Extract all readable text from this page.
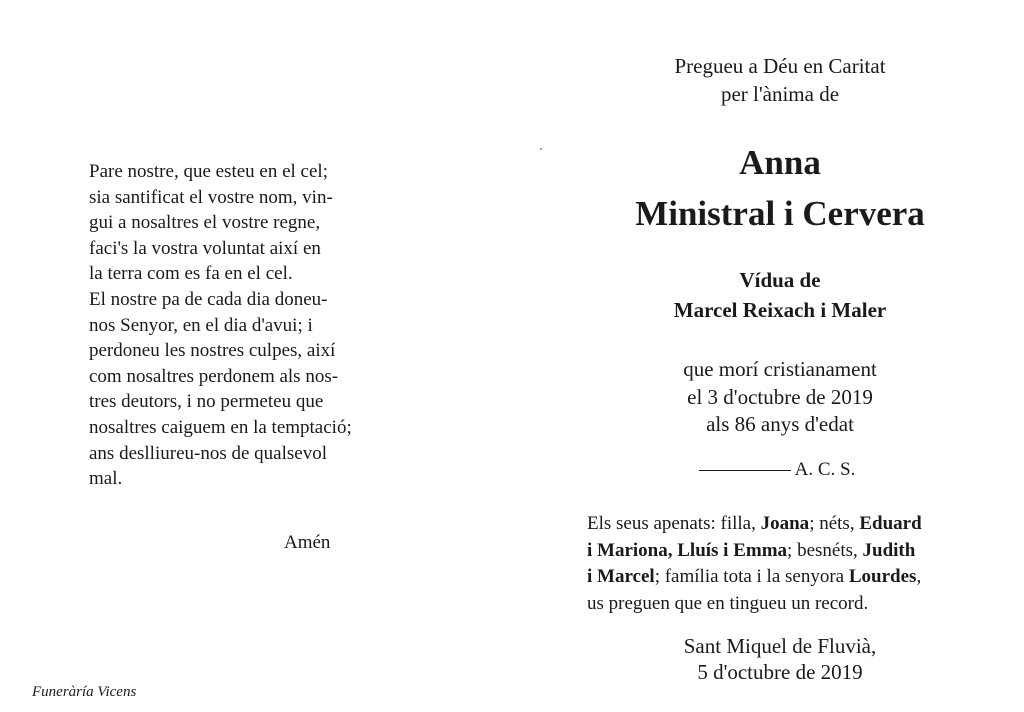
Pare nostre, que esteu en el cel;
sia santificat el vostre nom, vin-
gui a nosaltres el vostre regne,
faci's la vostra voluntat així en
la terra com es fa en el cel.
El nostre pa de cada dia doneu-
nos Senyor, en el dia d'avui; i
perdoneu les nostres culpes, així
com nosaltres perdonem als nos-
tres deutors, i no permeteu que
nosaltres caiguem en la temptació;
ans deslliureu-nos de qualsevol
mal.
Amén
Funeràría Vicens
Pregueu a Déu en Caritat
per l'ànima de
Anna
Ministral i Cervera
Vídua de
Marcel Reixach i Maler
que morí cristianament
el 3 d'octubre de 2019
als 86 anys d'edat
A. C. S.
Els seus apenats: filla, Joana; néts, Eduard
i Mariona, Lluís i Emma; besnéts, Judith
i Marcel; família tota i la senyora Lourdes,
us preguen que en tingueu un record.
Sant Miquel de Fluvià,
5 d'octubre de 2019
